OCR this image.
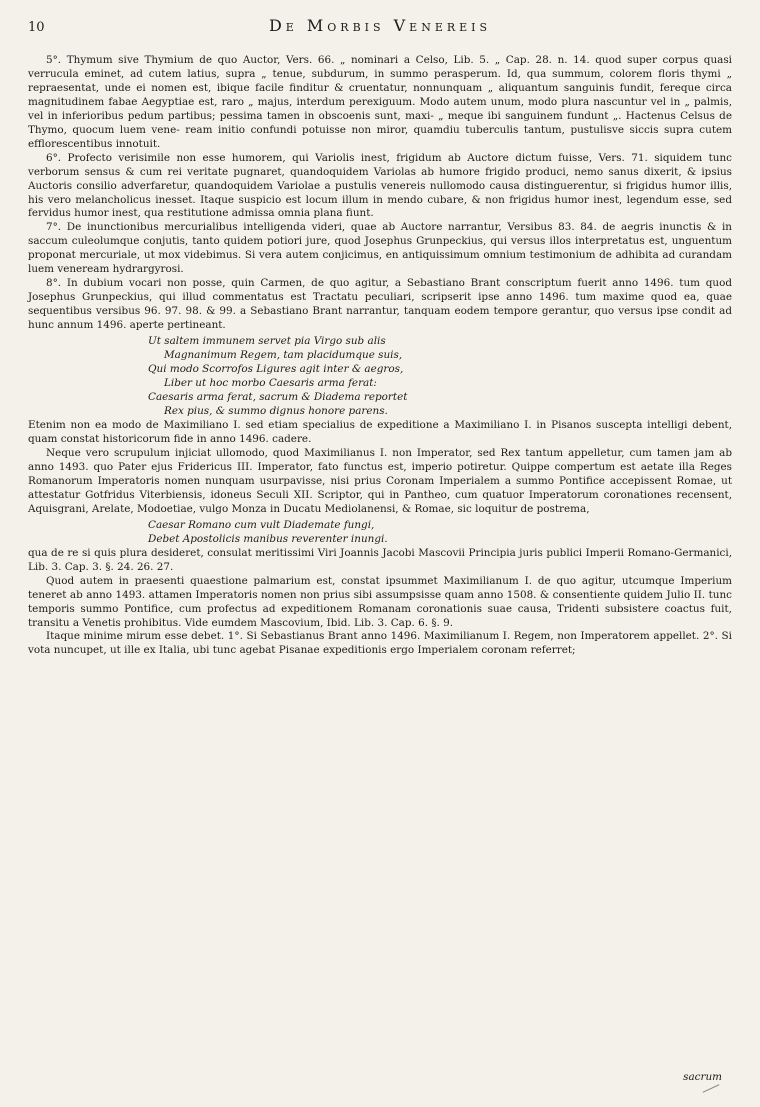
10	De Morbis Venereis

5°. Thymum sive Thymium de quo Auctor, Vers. 66. „ nominari a Celso, Lib. 5. „ Cap. 28. n. 14. quod super corpus quasi verrucula eminet, ad cutem latius, supra „ tenue, subdurum, in summo perasperum. Id, qua summum, colorem floris thymi „ repraesentat, unde ei nomen est, ibique facile finditur & cruentatur, nonnunquam „ aliquantum sanguinis fundit, fereque circa magnitudinem fabae Aegyptiae est, raro „ majus, interdum perexiguum. Modo autem unum, modo plura nascuntur vel in „ palmis, vel in inferioribus pedum partibus; pessima tamen in obscoenis sunt, maxi- „ meque ibi sanguinem fundunt „. Hactenus Celsus de Thymo, quocum luem vene- ream initio confundi potuisse non miror, quamdiu tuberculis tantum, pustulisve siccis supra cutem efflorescentibus innotuit.

6°. Profecto verisimile non esse humorem, qui Variolis inest, frigidum ab Auctore dictum fuisse, Vers. 71. siquidem tunc verborum sensus & cum rei veritate pugnaret, quandoquidem Variolas ab humore frigido produci, nemo sanus dixerit, & ipsius Auctoris consilio adverfaretur, quandoquidem Variolae a pustulis venereis nullomodo causa distinguerentur, si frigidus humor illis, his vero melancholicus inesset. Itaque suspicio est locum illum in mendo cubare, & non frigidus humor inest, legendum esse, sed fervidus humor inest, qua restitutione admissa omnia plana fiunt.

7°. De inunctionibus mercurialibus intelligenda videri, quae ab Auctore narrantur, Versibus 83. 84. de aegris inunctis & in saccum culeolumque conjutis, tanto quidem potiori jure, quod Josephus Grunpeckius, qui versus illos interpretatus est, unguentum proponat mercuriale, ut mox videbimus. Si vera autem conjicimus, en antiquissimum omnium testimonium de adhibita ad curandam luem veneream hydrargyrosi.

8°. In dubium vocari non posse, quin Carmen, de quo agitur, a Sebastiano Brant conscriptum fuerit anno 1496. tum quod Josephus Grunpeckius, qui illud commentatus est Tractatu peculiari, scripserit ipse anno 1496. tum maxime quod ea, quae sequentibus versibus 96. 97. 98. & 99. a Sebastiano Brant narrantur, tanquam eodem tempore gerantur, quo versus ipse condit ad hunc annum 1496. aperte pertineant.

Ut saltem immunem servet pia Virgo sub alis
Magnanimum Regem, tam placidumque suis,
Qui modo Scorrofos Ligures agit inter & aegros,
Liber ut hoc morbo Caesaris arma ferat:
Caesaris arma ferat, sacrum & Diadema reportet
Rex pius, & summo dignus honore parens.

Etenim non ea modo de Maximiliano I. sed etiam specialius de expeditione a Maximiliano I. in Pisanos suscepta intelligi debent, quam constat historicorum fide in anno 1496. cadere.

Neque vero scrupulum injiciat ullomodo, quod Maximilianus I. non Imperator, sed Rex tantum appelletur, cum tamen jam ab anno 1493. quo Pater ejus Fridericus III. Imperator, fato functus est, imperio potiretur. Quippe compertum est aetate illa Reges Romanorum Imperatoris nomen nunquam usurpavisse, nisi prius Coronam Imperialem a summo Pontifice accepissent Romae, ut attestatur Gotfridus Viterbiensis, idoneus Seculi XII. Scriptor, qui in Pantheo, cum quatuor Imperatorum coronationes recensent, Aquisgrani, Arelate, Modoetiae, vulgo Monza in Ducatu Mediolanensi, & Romae, sic loquitur de postrema,

Caesar Romano cum vult Diademate fungi,
Debet Apostolicis manibus reverenter inungi.

qua de re si quis plura desideret, consulat meritissimi Viri Joannis Jacobi Mascovii Principia juris publici Imperii Romano-Germanici, Lib. 3. Cap. 3. §. 24. 26. 27.

Quod autem in praesenti quaestione palmarium est, constat ipsummet Maximilianum I. de quo agitur, utcumque Imperium teneret ab anno 1493. attamen Imperatoris nomen non prius sibi assumpsisse quam anno 1508. & consentiente quidem Julio II. tunc temporis summo Pontifice, cum profectus ad expeditionem Romanam coronationis suae causa, Tridenti subsistere coactus fuit, transitu a Venetis prohibitus. Vide eumdem Mascovium, Ibid. Lib. 3. Cap. 6. §. 9.

Itaque minime mirum esse debet. 1°. Si Sebastianus Brant anno 1496. Maximilianum I. Regem, non Imperatorem appellet. 2°. Si vota nuncupet, ut ille ex Italia, ubi tunc agebat Pisanae expeditionis ergo Imperialem coronam referret;

sacrum
